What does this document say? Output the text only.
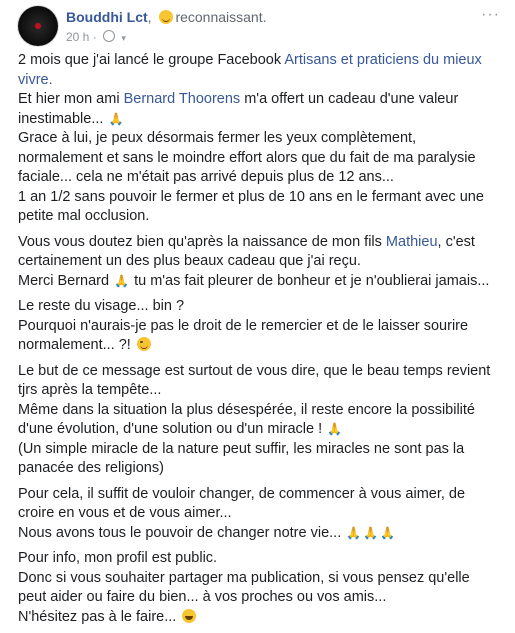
Bouddhi Lct, reconnaissant.
20 h ·	▾
···
2 mois que j'ai lancé le groupe Facebook Artisans et praticiens du mieux vivre.
Et hier mon ami Bernard Thoorens m'a offert un cadeau d'une valeur inestimable... 🙏
Grace à lui, je peux désormais fermer les yeux complètement, normalement et sans le moindre effort alors que du fait de ma paralysie faciale... cela ne m'était pas arrivé depuis plus de 12 ans...
1 an 1/2 sans pouvoir le fermer et plus de 10 ans en le fermant avec une petite mal occlusion.
Vous vous doutez bien qu'après la naissance de mon fils Mathieu, c'est certainement un des plus beaux cadeau que j'ai reçu.
Merci Bernard 🙏 tu m'as fait pleurer de bonheur et je n'oublierai jamais...
Le reste du visage... bin ?
Pourquoi n'aurais-je pas le droit de le remercier et de le laisser sourire normalement... ?!
Le but de ce message est surtout de vous dire, que le beau temps revient tjrs après la tempête...
Même dans la situation la plus désespérée, il reste encore la possibilité d'une évolution, d'une solution ou d'un miracle ! 🙏
(Un simple miracle de la nature peut suffir, les miracles ne sont pas la panacée des religions)
Pour cela, il suffit de vouloir changer, de commencer à vous aimer, de croire en vous et de vous aimer...
Nous avons tous le pouvoir de changer notre vie... 🙏 🙏 🙏
Pour info, mon profil est public.
Donc si vous souhaiter partager ma publication, si vous pensez qu'elle peut aider ou faire du bien... à vos proches ou vos amis...
N'hésitez pas à le faire...
